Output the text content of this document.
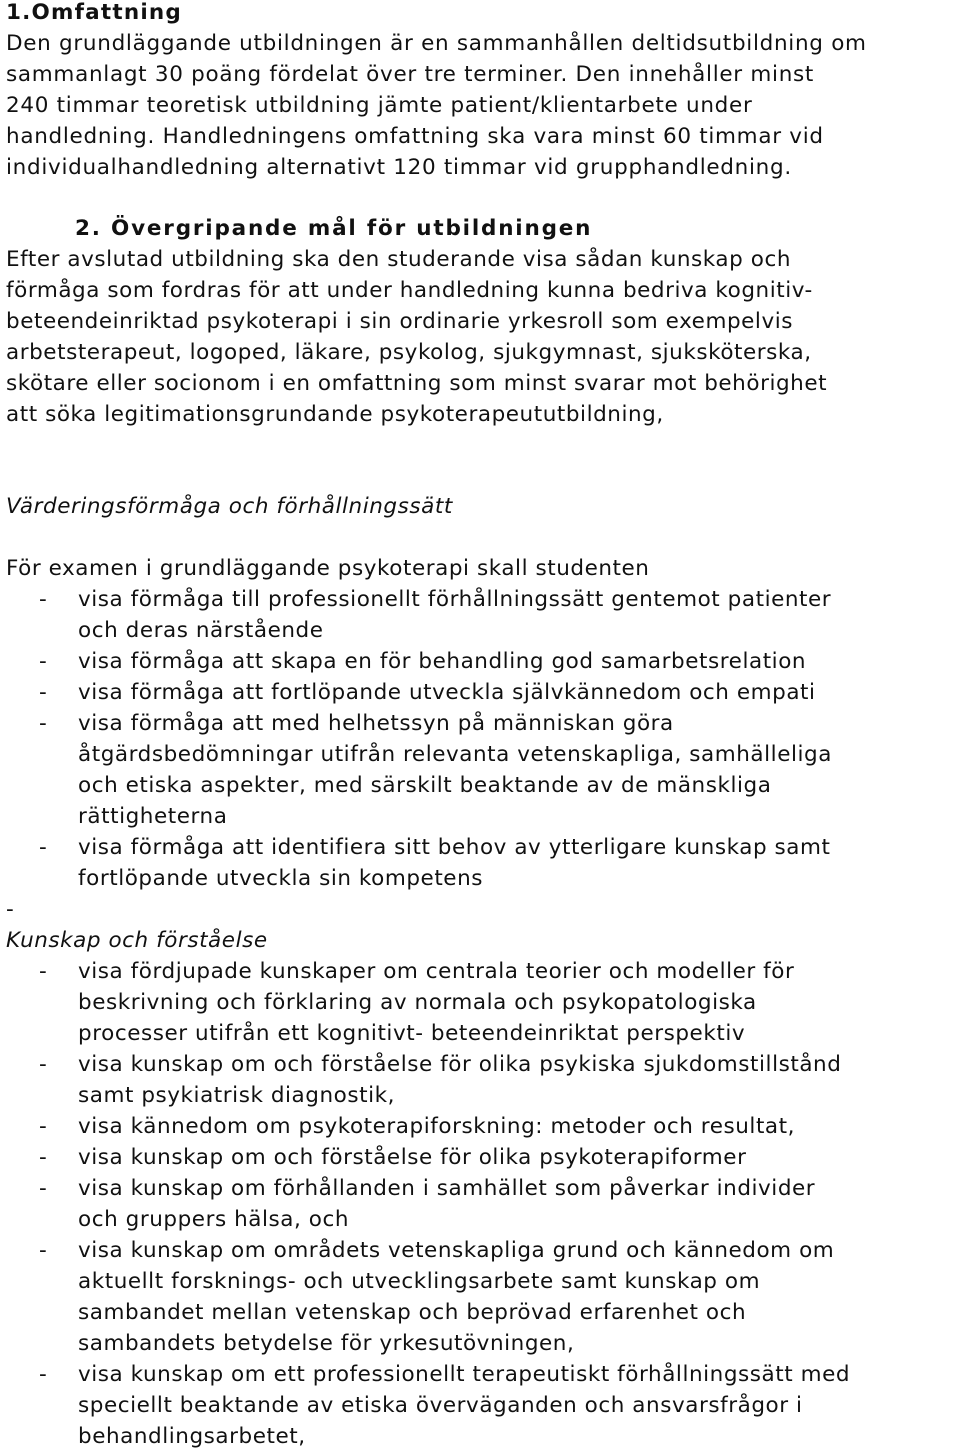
1.Omfattning
Den grundläggande utbildningen är en sammanhållen deltidsutbildning om
sammanlagt 30 poäng fördelat över tre terminer. Den innehåller minst
240 timmar teoretisk utbildning jämte patient/klientarbete under
handledning. Handledningens omfattning ska vara minst 60 timmar vid
individualhandledning alternativt 120 timmar vid grupphandledning.
2. Övergripande mål för utbildningen
Efter avslutad utbildning ska den studerande visa sådan kunskap och
förmåga som fordras för att under handledning kunna bedriva kognitiv-
beteendeinriktad psykoterapi i sin ordinarie yrkesroll som exempelvis
arbetsterapeut, logoped, läkare, psykolog, sjukgymnast, sjuksköterska,
skötare eller socionom i en omfattning som minst svarar mot behörighet
att söka legitimationsgrundande psykoterapeututbildning,
Värderingsförmåga och förhållningssätt
För examen i grundläggande psykoterapi skall studenten
-	visa förmåga till professionellt förhållningssätt gentemot patienter
och deras närstående
-	visa förmåga att skapa en för behandling god samarbetsrelation
-	visa förmåga att fortlöpande utveckla självkännedom och empati
-	visa förmåga att med helhetssyn på människan göra
åtgärdsbedömningar utifrån relevanta vetenskapliga, samhälleliga
och etiska aspekter, med särskilt beaktande av de mänskliga
rättigheterna
-	visa förmåga att identifiera sitt behov av ytterligare kunskap samt
fortlöpande utveckla sin kompetens
-
Kunskap och förståelse
-	visa fördjupade kunskaper om centrala teorier och modeller för
beskrivning och förklaring av normala och psykopatologiska
processer utifrån ett kognitivt- beteendeinriktat perspektiv
-	visa kunskap om och förståelse för olika psykiska sjukdomstillstånd
samt psykiatrisk diagnostik,
-	visa kännedom om psykoterapiforskning: metoder och resultat,
-	visa kunskap om och förståelse för olika psykoterapiformer
-	visa kunskap om förhållanden i samhället som påverkar individer
och gruppers hälsa, och
-	visa kunskap om områdets vetenskapliga grund och kännedom om
aktuellt forsknings- och utvecklingsarbete samt kunskap om
sambandet mellan vetenskap och beprövad erfarenhet och
sambandets betydelse för yrkesutövningen,
-	visa kunskap om ett professionellt terapeutiskt förhållningssätt med
speciellt beaktande av etiska överväganden och ansvarsfrågor i
behandlingsarbetet,
